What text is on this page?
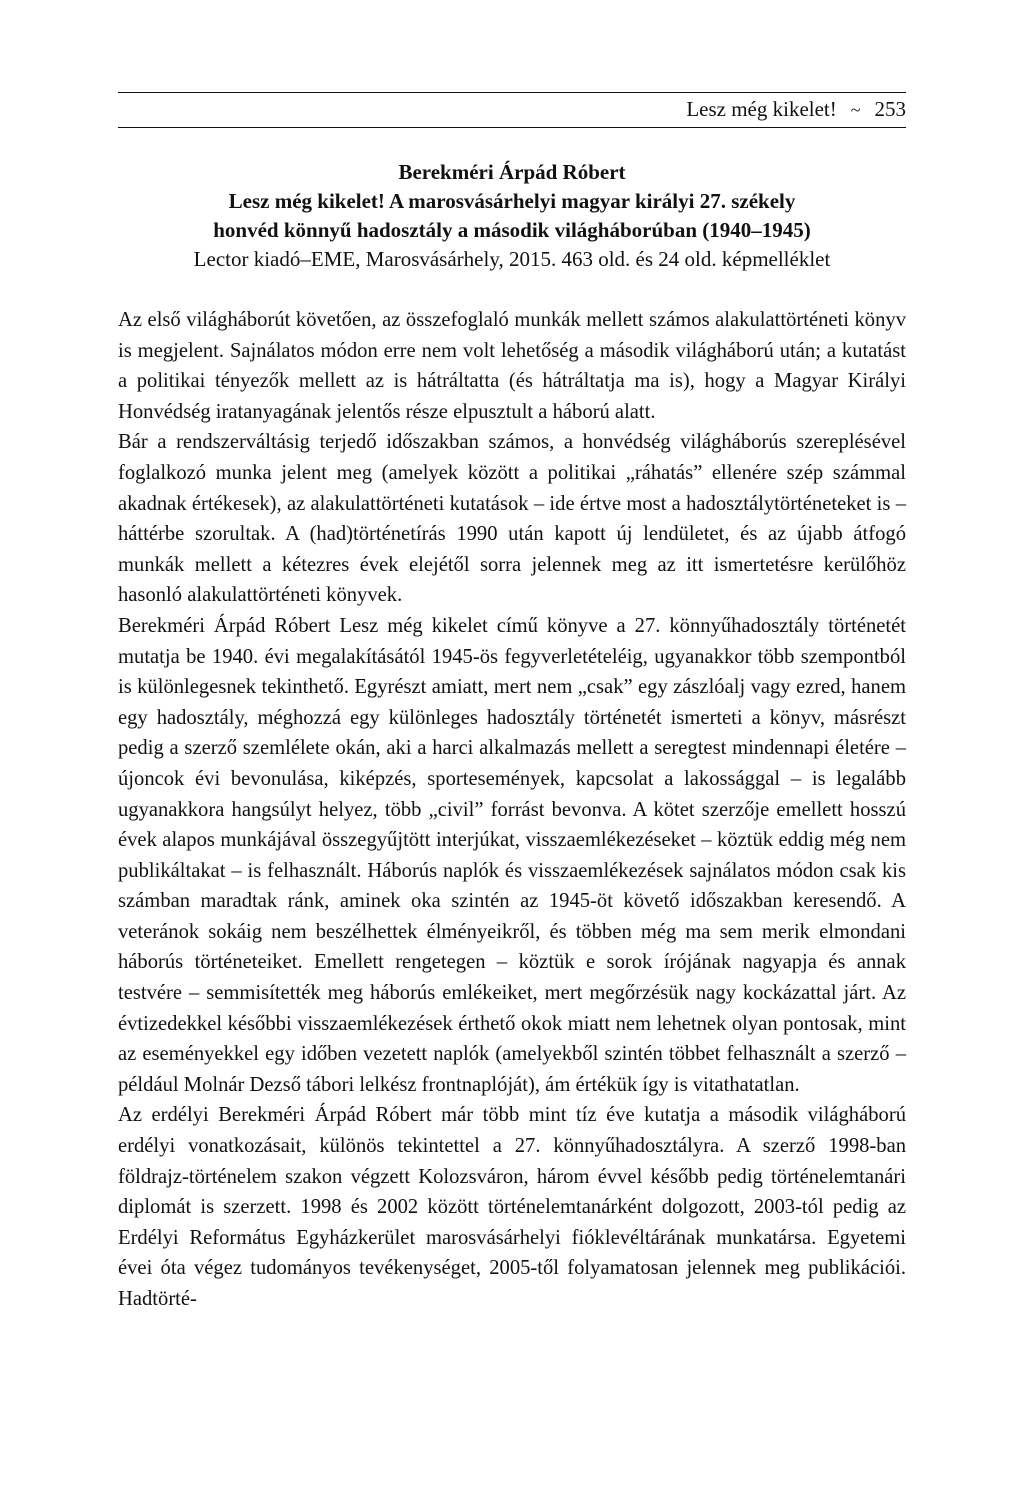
Lesz még kikelet! ~ 253
Berekméri Árpád Róbert
Lesz még kikelet! A marosvásárhelyi magyar királyi 27. székely
honvéd könnyű hadosztály a második világháborúban (1940–1945)
Lector kiadó–EME, Marosvásárhely, 2015. 463 old. és 24 old. képmelléklet

Az első világháborút követően, az összefoglaló munkák mellett számos alakulattörténeti könyv is megjelent. Sajnálatos módon erre nem volt lehetőség a második világháború után; a kutatást a politikai tényezők mellett az is hátráltatta (és hátráltatja ma is), hogy a Magyar Királyi Honvédség iratanyagának jelentős része elpusztult a háború alatt.

Bár a rendszerváltásig terjedő időszakban számos, a honvédség világháborús szereplésével foglalkozó munka jelent meg (amelyek között a politikai „ráhatás” ellenére szép számmal akadnak értékesek), az alakulattörténeti kutatások – ide értve most a hadosztálytörténeteket is – háttérbe szorultak. A (had)történetírás 1990 után kapott új lendületet, és az újabb átfogó munkák mellett a kétezres évek elejétől sorra jelennek meg az itt ismertetésre kerülőhöz hasonló alakulattörténeti könyvek.

Berekméri Árpád Róbert Lesz még kikelet című könyve a 27. könnyűhadosztály történetét mutatja be 1940. évi megalakításától 1945-ös fegyverletételéig, ugyanakkor több szempontból is különlegesnek tekinthető. Egyrészt amiatt, mert nem „csak” egy zászlóalj vagy ezred, hanem egy hadosztály, méghozzá egy különleges hadosztály történetét ismerteti a könyv, másrészt pedig a szerző szemlélete okán, aki a harci alkalmazás mellett a seregtest mindennapi életére – újoncok évi bevonulása, kiképzés, sportesemények, kapcsolat a lakossággal – is legalább ugyanakkora hangsúlyt helyez, több „civil” forrást bevonva. A kötet szerzője emellett hosszú évek alapos munkájával összegyűjtött interjúkat, visszaemlékezéseket – köztük eddig még nem publikáltakat – is felhasznált. Háborús naplók és visszaemlékezések sajnálatos módon csak kis számban maradtak ránk, aminek oka szintén az 1945-öt követő időszakban keresendő. A veteránok sokáig nem beszélhettek élményeikről, és többen még ma sem merik elmondani háborús történeteiket. Emellett rengetegen – köztük e sorok írójának nagyapja és annak testvére – semmisítették meg háborús emlékeiket, mert megőrzésük nagy kockázattal járt. Az évtizedekkel későbbi visszaemlékezések érthető okok miatt nem lehetnek olyan pontosak, mint az eseményekkel egy időben vezetett naplók (amelyekből szintén többet felhasznált a szerző – például Molnár Dezső tábori lelkész frontnaplóját), ám értékük így is vitathatatlan.

Az erdélyi Berekméri Árpád Róbert már több mint tíz éve kutatja a második világháború erdélyi vonatkozásait, különös tekintettel a 27. könnyűhadosztályra. A szerző 1998-ban földrajz-történelem szakon végzett Kolozsváron, három évvel később pedig történelemtanári diplomát is szerzett. 1998 és 2002 között történelemtanárként dolgozott, 2003-tól pedig az Erdélyi Református Egyházkerület marosvásárhelyi fióklevéltárának munkatársa. Egyetemi évei óta végez tudományos tevékenységet, 2005-től folyamatosan jelennek meg publikációi. Hadtörté-
